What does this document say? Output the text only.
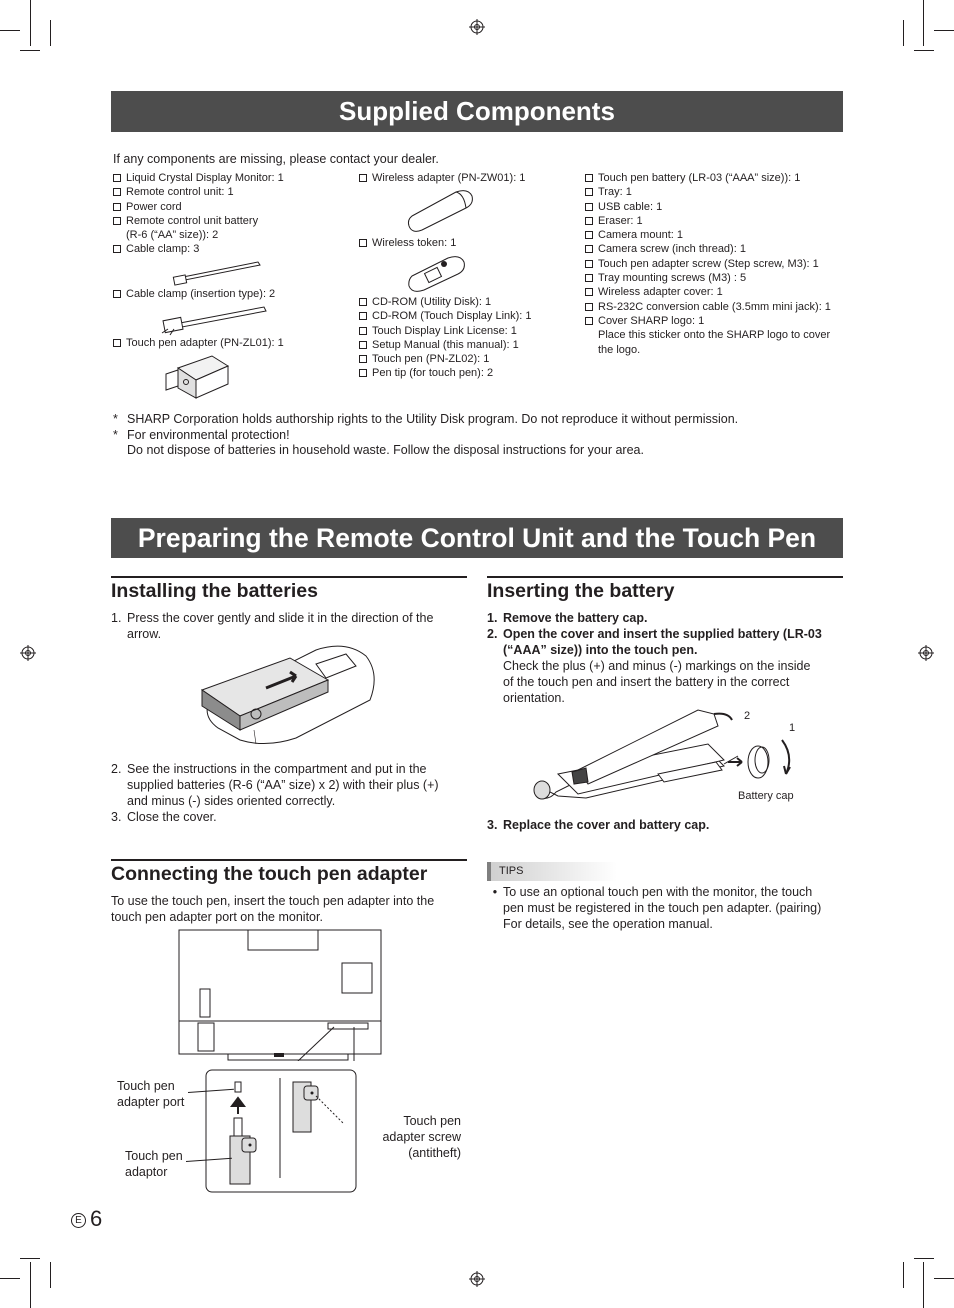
Supplied Components
If any components are missing, please contact your dealer.
Liquid Crystal Display Monitor: 1
Remote control unit: 1
Power cord
Remote control unit battery
(R-6 (“AA” size)): 2
Cable clamp: 3
Cable clamp (insertion type): 2
Touch pen adapter (PN-ZL01): 1
Wireless adapter (PN-ZW01): 1
Wireless token: 1
CD-ROM (Utility Disk): 1
CD-ROM (Touch Display Link): 1
Touch Display Link License: 1
Setup Manual (this manual): 1
Touch pen (PN-ZL02): 1
Pen tip (for touch pen): 2
Touch pen battery (LR-03 (“AAA” size)): 1
Tray: 1
USB cable: 1
Eraser: 1
Camera mount: 1
Camera screw (inch thread): 1
Touch pen adapter screw (Step screw, M3): 1
Tray mounting screws (M3) : 5
Wireless adapter cover: 1
RS-232C conversion cable (3.5mm mini jack): 1
Cover SHARP logo: 1
Place this sticker onto the SHARP logo to cover
the logo.
* SHARP Corporation holds authorship rights to the Utility Disk program. Do not reproduce it without permission.
* For environmental protection!
Do not dispose of batteries in household waste. Follow the disposal instructions for your area.
Preparing the Remote Control Unit and the Touch Pen
Installing the batteries
1. Press the cover gently and slide it in the direction of the
arrow.
2. See the instructions in the compartment and put in the
supplied batteries (R-6 (“AA” size) x 2) with their plus (+)
and minus (-) sides oriented correctly.
3. Close the cover.
Inserting the battery
1. Remove the battery cap.
2. Open the cover and insert the supplied battery (LR-03
(“AAA” size)) into the touch pen.
Check the plus (+) and minus (-) markings on the inside
of the touch pen and insert the battery in the correct
orientation.
2
1
Battery cap
3. Replace the cover and battery cap.
TIPS
• To use an optional touch pen with the monitor, the touch
pen must be registered in the touch pen adapter. (pairing)
For details, see the operation manual.
Connecting the touch pen adapter
To use the touch pen, insert the touch pen adapter into the
touch pen adapter port on the monitor.
Touch pen
adapter port
Touch pen
adaptor
Touch pen
adapter screw
(antitheft)
E 6
